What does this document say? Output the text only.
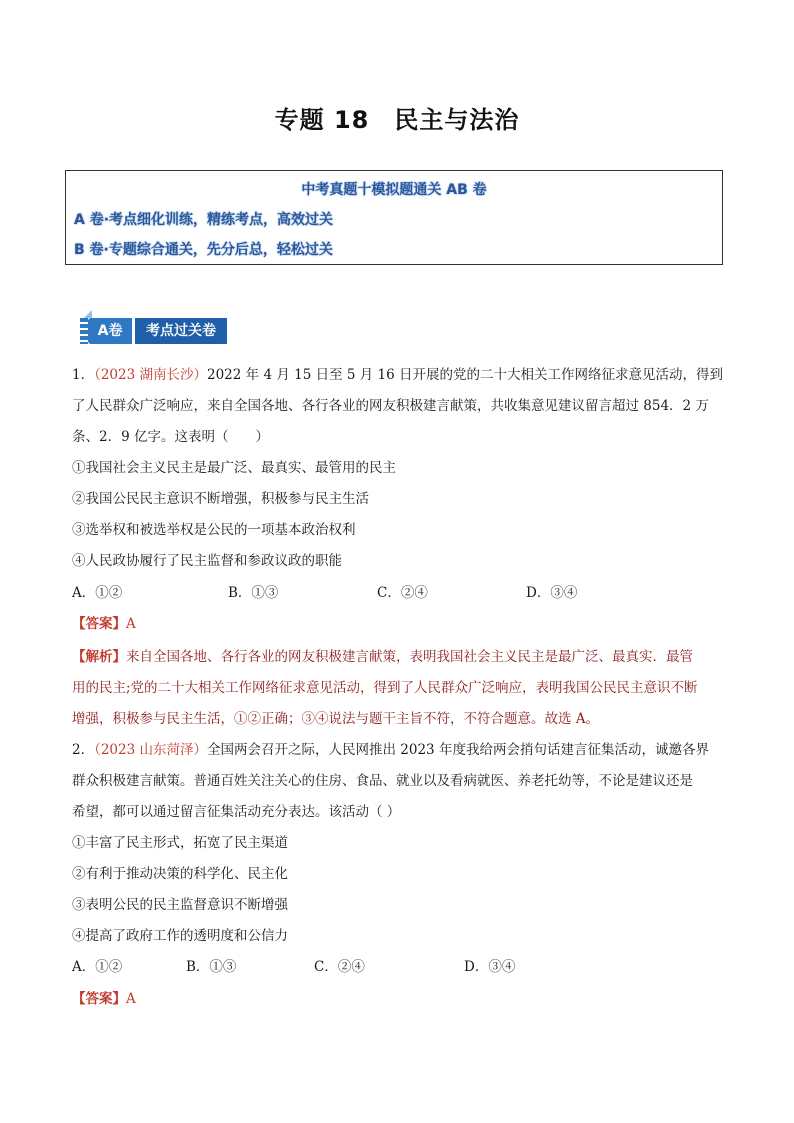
专题 18　民主与法治
中考真题十模拟题通关 AB 卷
A 卷·考点细化训练，精练考点，高效过关
B 卷·专题综合通关，先分后总，轻松过关
A卷	考点过关卷
1．（2023 湖南长沙）2022 年 4 月 15 日至 5 月 16 日开展的党的二十大相关工作网络征求意见活动，得到
了人民群众广泛响应，来自全国各地、各行各业的网友积极建言献策，共收集意见建议留言超过 854．2 万
条、2．9 亿字。这表明（　　）
①我国社会主义民主是最广泛、最真实、最管用的民主
②我国公民民主意识不断增强，积极参与民主生活
③选举权和被选举权是公民的一项基本政治权利
④人民政协履行了民主监督和参政议政的职能
A．①②	B．①③	C．②④	D．③④
【答案】A
【解析】来自全国各地、各行各业的网友积极建言献策，表明我国社会主义民主是最广泛、最真实．最管
用的民主;党的二十大相关工作网络征求意见活动，得到了人民群众广泛响应，表明我国公民民主意识不断
增强，积极参与民主生活，①②正确；③④说法与题干主旨不符，不符合题意。故选 A。
2．（2023 山东菏泽）全国两会召开之际，人民网推出 2023 年度我给两会捎句话建言征集活动，诚邀各界
群众积极建言献策。普通百姓关注关心的住房、食品、就业以及看病就医、养老托幼等，不论是建议还是
希望，都可以通过留言征集活动充分表达。该活动（ ）
①丰富了民主形式，拓宽了民主渠道
②有利于推动决策的科学化、民主化
③表明公民的民主监督意识不断增强
④提高了政府工作的透明度和公信力
A．①②	B．①③	C．②④	D．③④
【答案】A
